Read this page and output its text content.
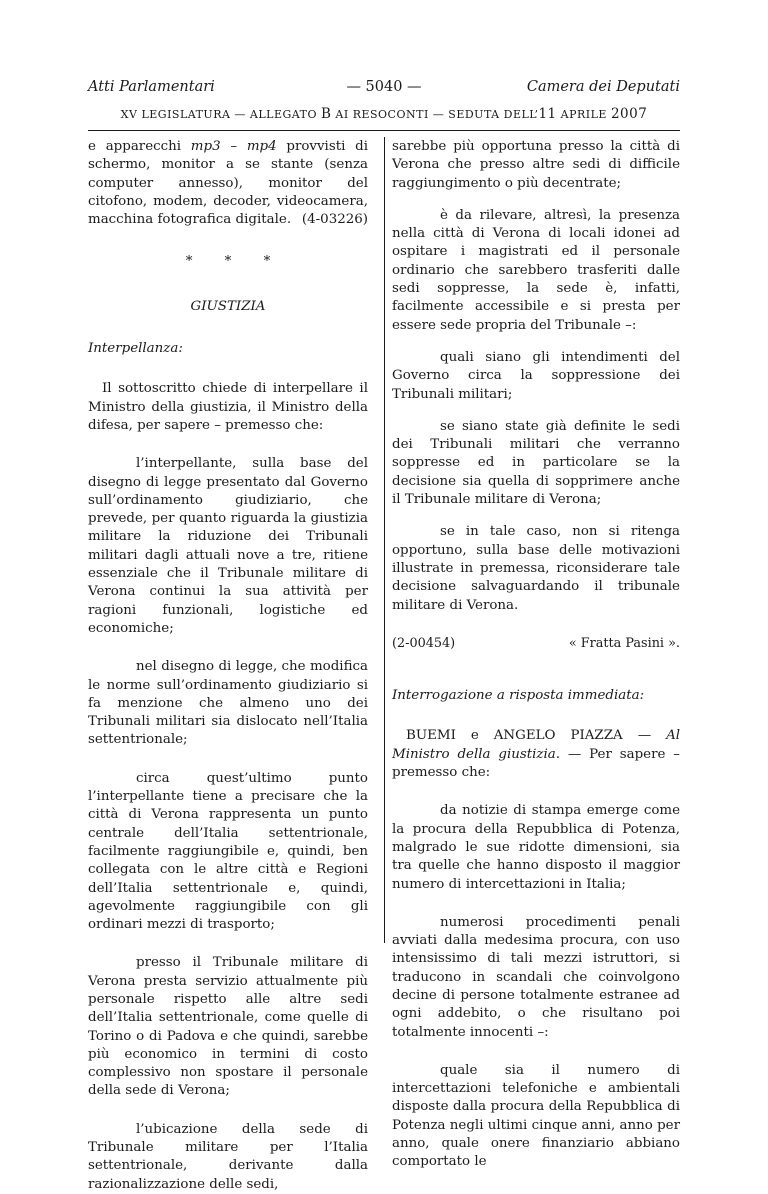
Atti Parlamentari	— 5040 —	Camera dei Deputati
XV LEGISLATURA — ALLEGATO B AI RESOCONTI — SEDUTA DELL’11 APRILE 2007

e apparecchi mp3 – mp4 provvisti di schermo, monitor a se stante (senza computer annesso), monitor del citofono, modem, decoder, videocamera, macchina fotografica digitale. (4-03226)

* * *
GIUSTIZIA
Interpellanza:

Il sottoscritto chiede di interpellare il Ministro della giustizia, il Ministro della difesa, per sapere – premesso che:

l’interpellante, sulla base del disegno di legge presentato dal Governo sull’ordinamento giudiziario, che prevede, per quanto riguarda la giustizia militare la riduzione dei Tribunali militari dagli attuali nove a tre, ritiene essenziale che il Tribunale militare di Verona continui la sua attività per ragioni funzionali, logistiche ed economiche;

nel disegno di legge, che modifica le norme sull’ordinamento giudiziario si fa menzione che almeno uno dei Tribunali militari sia dislocato nell’Italia settentrionale;

circa quest’ultimo punto l’interpellante tiene a precisare che la città di Verona rappresenta un punto centrale dell’Italia settentrionale, facilmente raggiungibile e, quindi, ben collegata con le altre città e Regioni dell’Italia settentrionale e, quindi, agevolmente raggiungibile con gli ordinari mezzi di trasporto;

presso il Tribunale militare di Verona presta servizio attualmente più personale rispetto alle altre sedi dell’Italia settentrionale, come quelle di Torino o di Padova e che quindi, sarebbe più economico in termini di costo complessivo non spostare il personale della sede di Verona;

l’ubicazione della sede di Tribunale militare per l’Italia settentrionale, derivante dalla razionalizzazione delle sedi,

sarebbe più opportuna presso la città di Verona che presso altre sedi di difficile raggiungimento o più decentrate;

è da rilevare, altresì, la presenza nella città di Verona di locali idonei ad ospitare i magistrati ed il personale ordinario che sarebbero trasferiti dalle sedi soppresse, la sede è, infatti, facilmente accessibile e si presta per essere sede propria del Tribunale –:

quali siano gli intendimenti del Governo circa la soppressione dei Tribunali militari;

se siano state già definite le sedi dei Tribunali militari che verranno soppresse ed in particolare se la decisione sia quella di sopprimere anche il Tribunale militare di Verona;

se in tale caso, non si ritenga opportuno, sulla base delle motivazioni illustrate in premessa, riconsiderare tale decisione salvaguardando il tribunale militare di Verona.

(2-00454)	« Fratta Pasini ».
Interrogazione a risposta immediata:

BUEMI e ANGELO PIAZZA — Al Ministro della giustizia. — Per sapere – premesso che:

da notizie di stampa emerge come la procura della Repubblica di Potenza, malgrado le sue ridotte dimensioni, sia tra quelle che hanno disposto il maggior numero di intercettazioni in Italia;

numerosi procedimenti penali avviati dalla medesima procura, con uso intensissimo di tali mezzi istruttori, si traducono in scandali che coinvolgono decine di persone totalmente estranee ad ogni addebito, o che risultano poi totalmente innocenti –:

quale sia il numero di intercettazioni telefoniche e ambientali disposte dalla procura della Repubblica di Potenza negli ultimi cinque anni, anno per anno, quale onere finanziario abbiano comportato le
